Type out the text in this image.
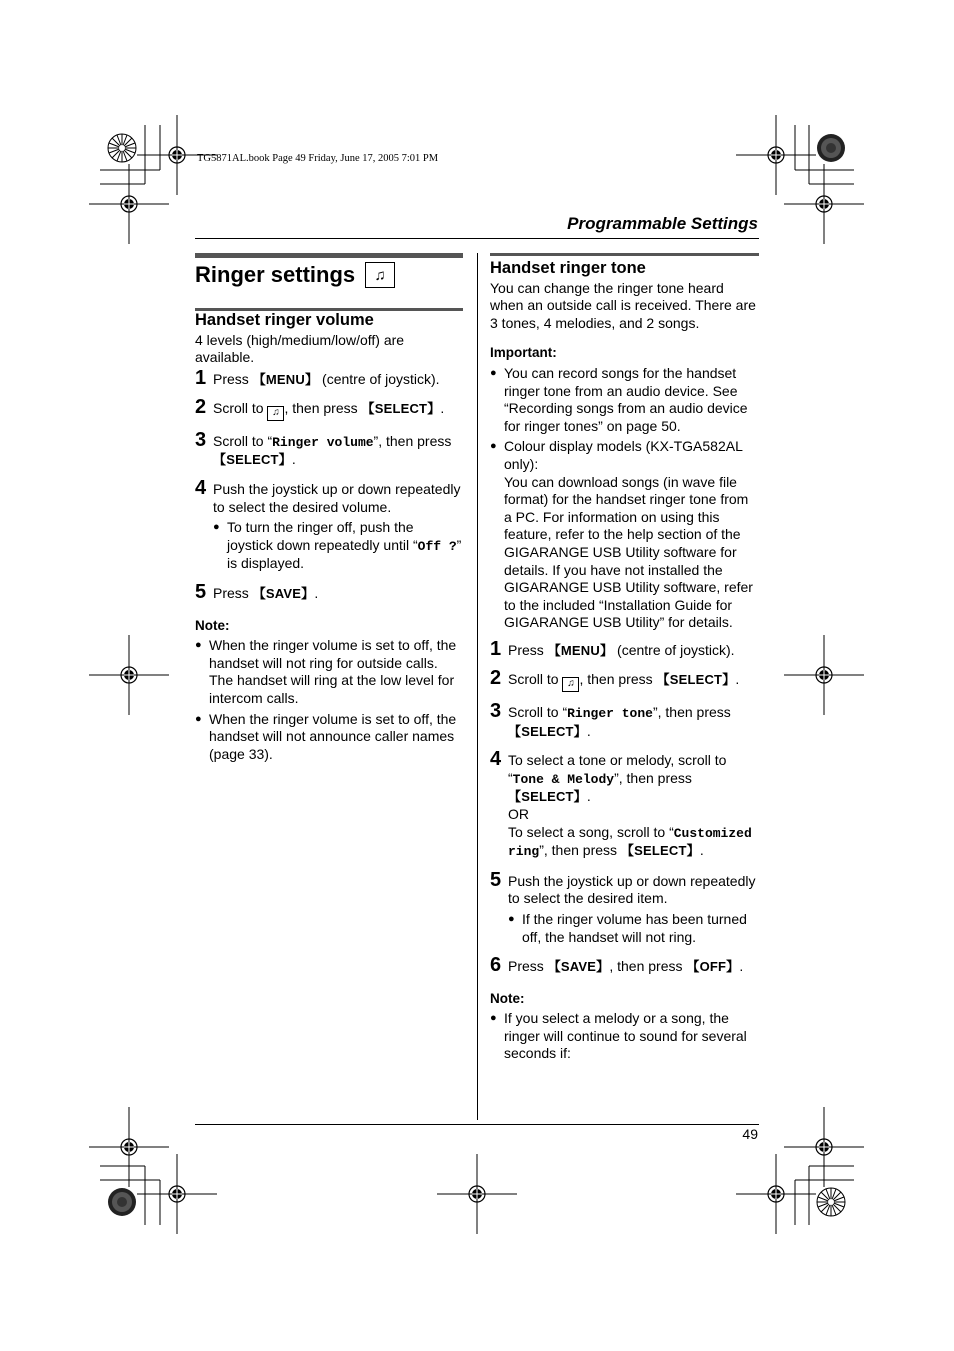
TG5871AL.book Page 49 Friday, June 17, 2005 7:01 PM
Programmable Settings
Ringer settings	♫

Handset ringer volume

4 levels (high/medium/low/off) are available.

1 Press 【MENU】 (centre of joystick).
2 Scroll to ♫ , then press 【SELECT】.
3 Scroll to “Ringer volume”, then press 【SELECT】.
4 Push the joystick up or down repeatedly to select the desired volume.
● To turn the ringer off, push the joystick down repeatedly until “Off ?” is displayed.
5 Press 【SAVE】.

Note:

● When the ringer volume is set to off, the handset will not ring for outside calls. The handset will ring at the low level for intercom calls.
● When the ringer volume is set to off, the handset will not announce caller names (page 33).

Handset ringer tone

You can change the ringer tone heard when an outside call is received. There are 3 tones, 4 melodies, and 2 songs.

Important:

● You can record songs for the handset ringer tone from an audio device. See “Recording songs from an audio device for ringer tones” on page 50.
● Colour display models (KX-TGA582AL only):
You can download songs (in wave file format) for the handset ringer tone from a PC. For information on using this feature, refer to the help section of the GIGARANGE USB Utility software for details. If you have not installed the GIGARANGE USB Utility software, refer to the included “Installation Guide for GIGARANGE USB Utility” for details.
1 Press 【MENU】 (centre of joystick).
2 Scroll to ♫ , then press 【SELECT】.
3 Scroll to “Ringer tone”, then press 【SELECT】.
4 To select a tone or melody, scroll to “Tone & Melody”, then press 【SELECT】.
OR
To select a song, scroll to “Customized ring”, then press 【SELECT】.
5 Push the joystick up or down repeatedly to select the desired item.
● If the ringer volume has been turned off, the handset will not ring.
6 Press 【SAVE】, then press 【OFF】.

Note:

● If you select a melody or a song, the ringer will continue to sound for several seconds if:
49
